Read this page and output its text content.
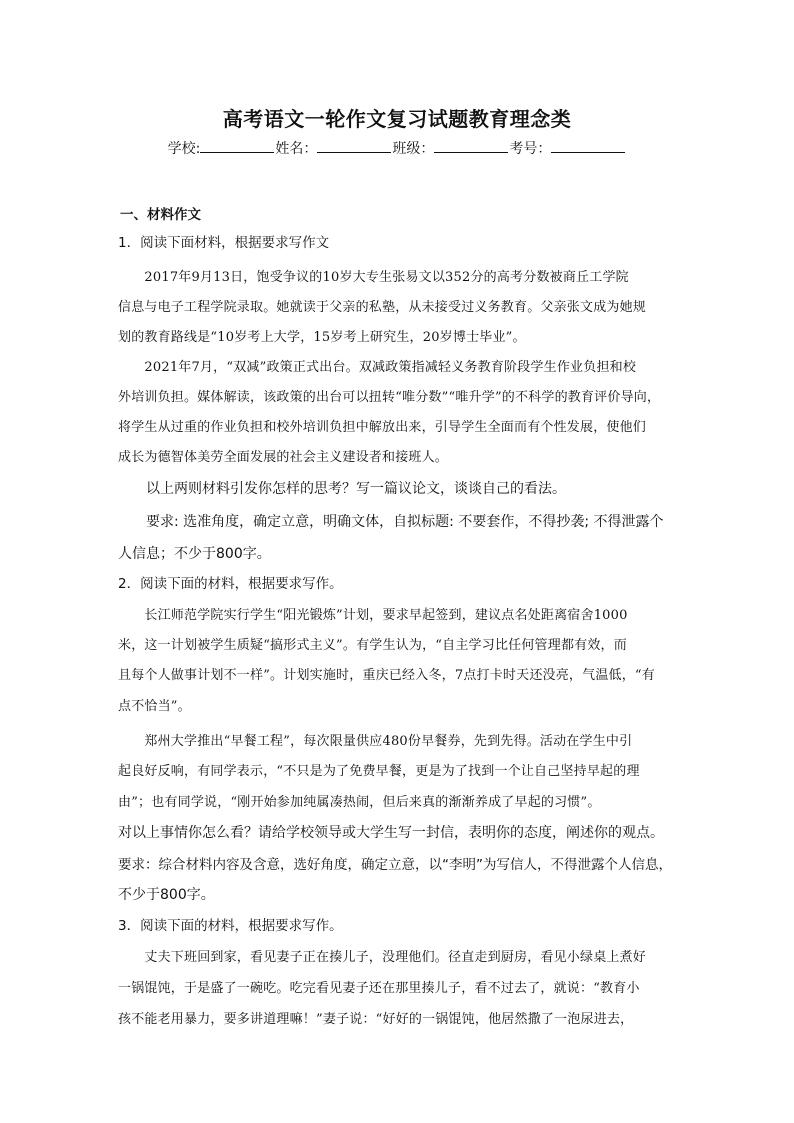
高考语文一轮作文复习试题教育理念类
学校:	姓名：	班级：	考号：
一、材料作文
1．阅读下面材料，根据要求写作文
　　2017年9月13日，饱受争议的10岁大专生张易文以352分的高考分数被商丘工学院
信息与电子工程学院录取。她就读于父亲的私塾，从未接受过义务教育。父亲张文成为她规
划的教育路线是“10岁考上大学，15岁考上研究生，20岁博士毕业”。
　　2021年7月，“双减”政策正式出台。双减政策指减轻义务教育阶段学生作业负担和校
外培训负担。媒体解读，该政策的出台可以扭转“唯分数”“唯升学”的不科学的教育评价导向，
将学生从过重的作业负担和校外培训负担中解放出来，引导学生全面而有个性发展，使他们
成长为德智体美劳全面发展的社会主义建设者和接班人。
　　以上两则材料引发你怎样的思考？写一篇议论文，谈谈自己的看法。
　　要求: 选准角度，确定立意，明确文体，自拟标题: 不要套作，不得抄袭; 不得泄露个
人信息；不少于800字。
2．阅读下面的材料，根据要求写作。
　　长江师范学院实行学生“阳光锻炼”计划，要求早起签到，建议点名处距离宿舍1000
米，这一计划被学生质疑“搞形式主义”。有学生认为，“自主学习比任何管理都有效，而
且每个人做事计划不一样”。计划实施时，重庆已经入冬，7点打卡时天还没亮，气温低，“有
点不恰当”。
　　郑州大学推出“早餐工程”，每次限量供应480份早餐券，先到先得。活动在学生中引
起良好反响，有同学表示，“不只是为了免费早餐，更是为了找到一个让自己坚持早起的理
由”；也有同学说，“刚开始参加纯属凑热闹，但后来真的渐渐养成了早起的习惯”。
对以上事情你怎么看？请给学校领导或大学生写一封信，表明你的态度，阐述你的观点。
要求：综合材料内容及含意，选好角度，确定立意，以“李明”为写信人，不得泄露个人信息，
不少于800字。
3．阅读下面的材料，根据要求写作。
　　丈夫下班回到家，看见妻子正在揍儿子，没理他们。径直走到厨房，看见小绿桌上煮好
一锅馄饨，于是盛了一碗吃。吃完看见妻子还在那里揍儿子，看不过去了，就说：“教育小
孩不能老用暴力，要多讲道理嘛！”妻子说：“好好的一锅馄饨，他居然撒了一泡尿进去，
